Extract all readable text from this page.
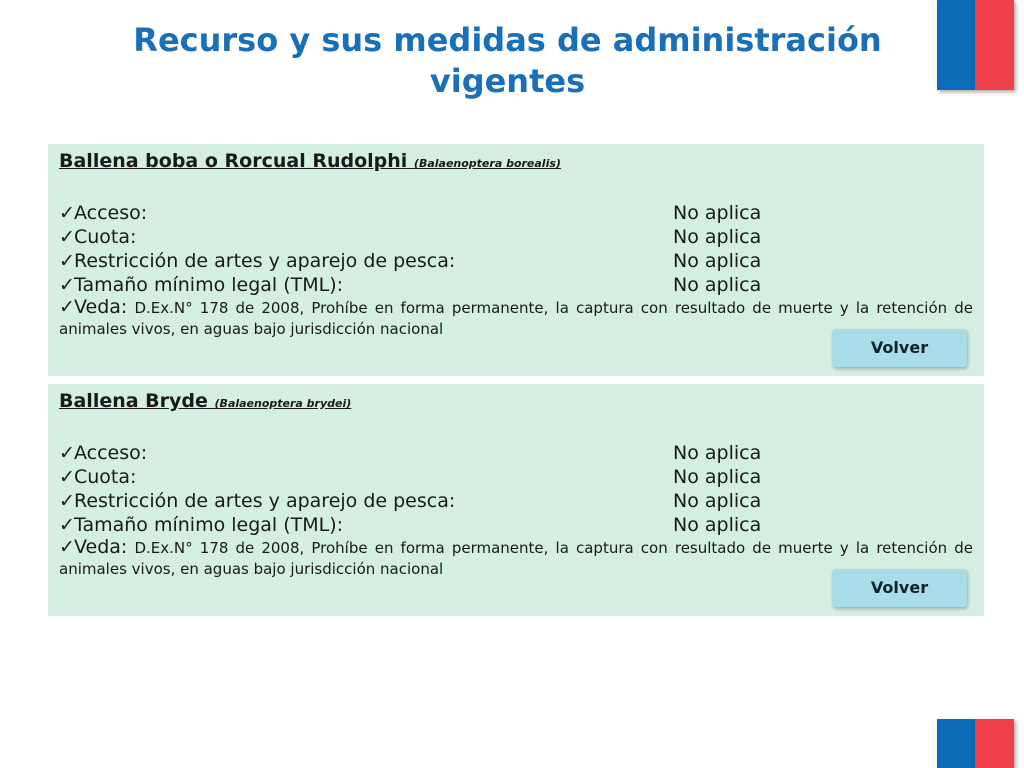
Recurso y sus medidas de administración vigentes
Ballena boba o Rorcual Rudolphi (Balaenoptera borealis)
✓Acceso:	No aplica
✓Cuota:	No aplica
✓Restricción de artes y aparejo de pesca:	No aplica
✓Tamaño mínimo legal (TML):	No aplica

✓Veda: D.Ex.N° 178 de 2008, Prohíbe en forma permanente, la captura con resultado de muerte y la retención de animales vivos, en aguas bajo jurisdicción nacional

Volver
Ballena Bryde (Balaenoptera brydei)
✓Acceso:	No aplica
✓Cuota:	No aplica
✓Restricción de artes y aparejo de pesca:	No aplica
✓Tamaño mínimo legal (TML):	No aplica

✓Veda: D.Ex.N° 178 de 2008, Prohíbe en forma permanente, la captura con resultado de muerte y la retención de animales vivos, en aguas bajo jurisdicción nacional

Volver
